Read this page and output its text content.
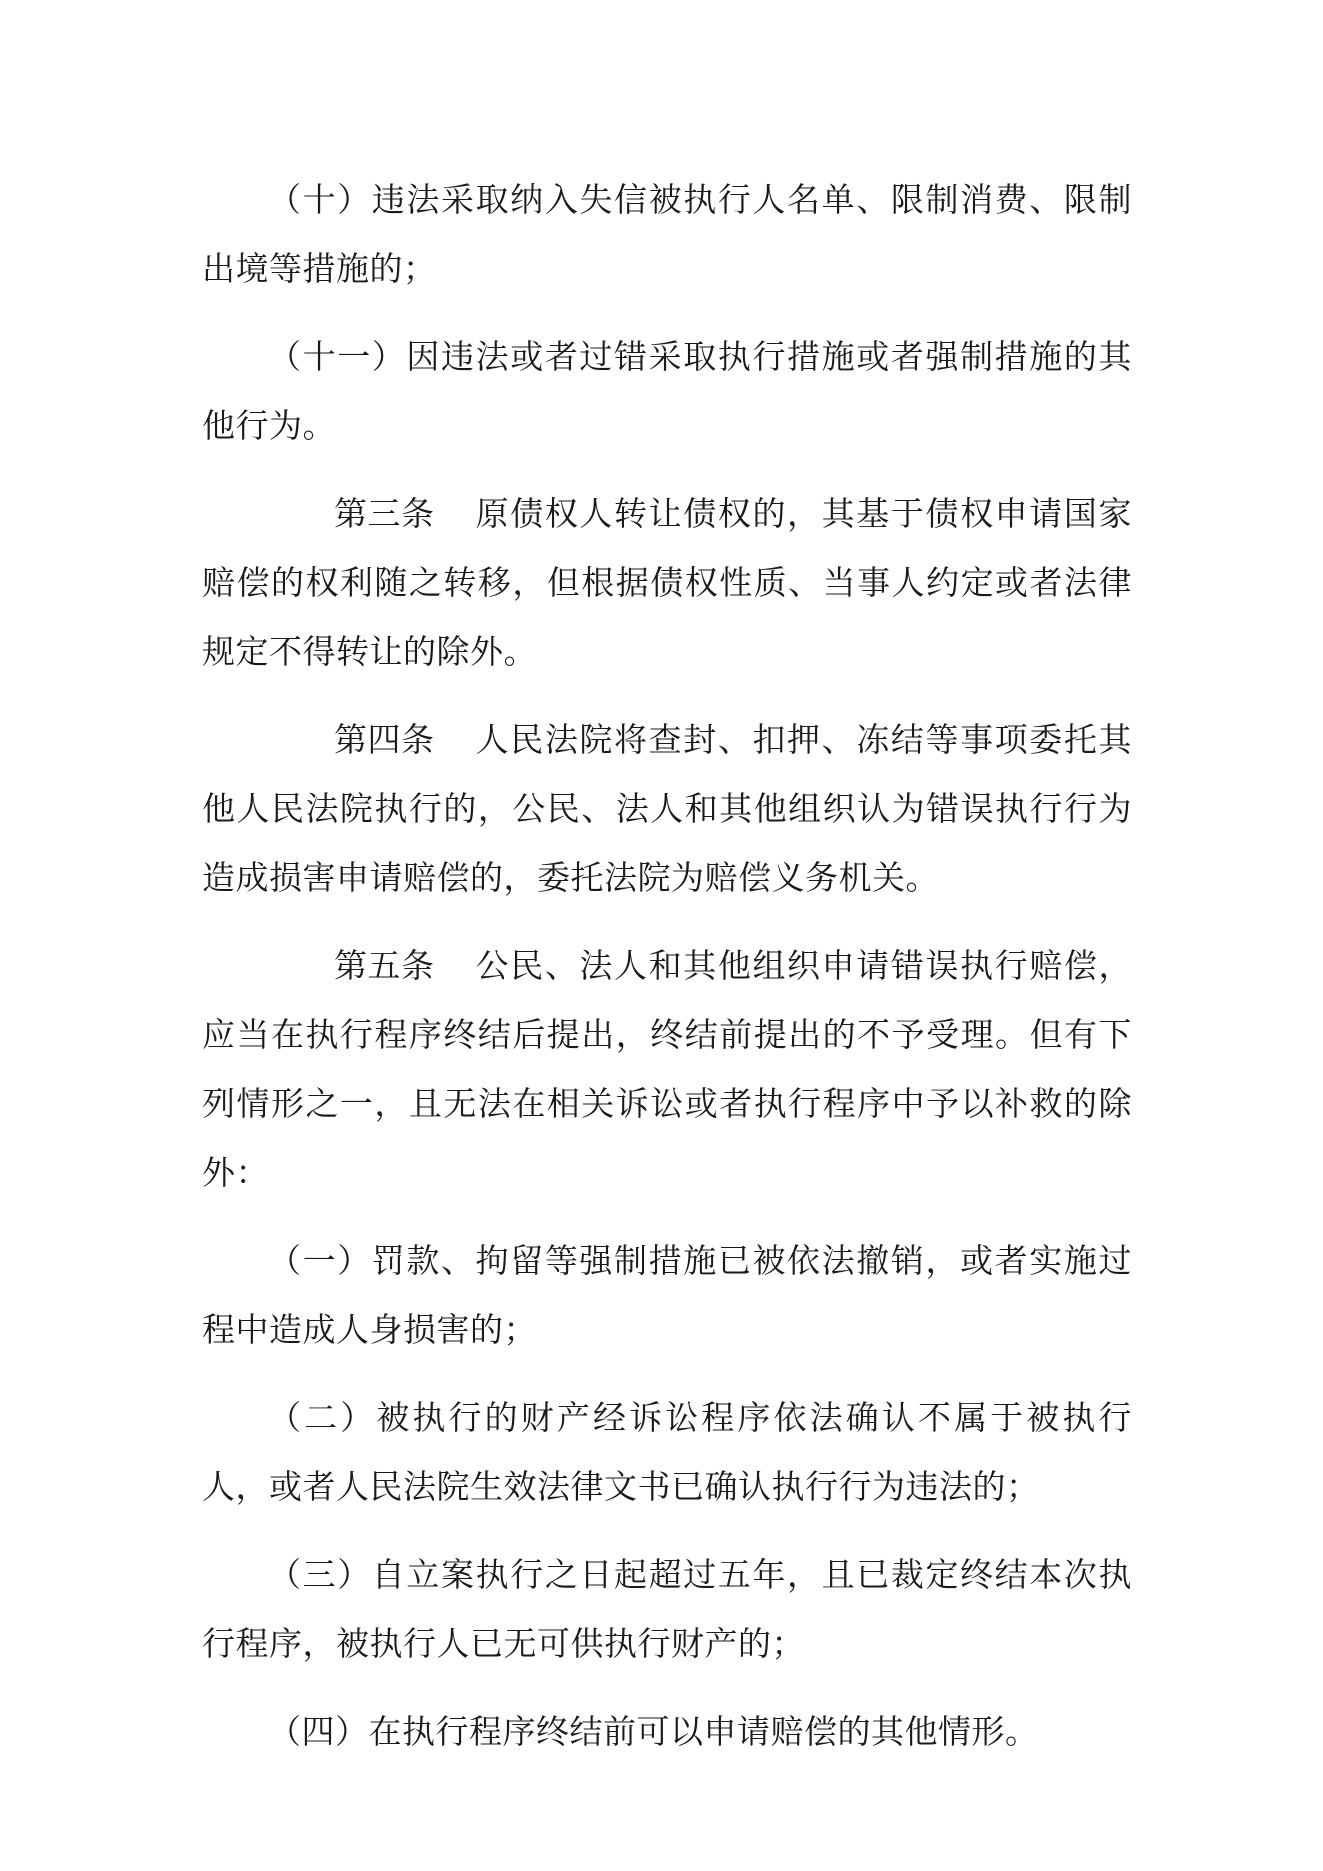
（十）违法采取纳入失信被执行人名单、限制消费、限制出境等措施的；

（十一）因违法或者过错采取执行措施或者强制措施的其他行为。

第三条 原债权人转让债权的，其基于债权申请国家赔偿的权利随之转移，但根据债权性质、当事人约定或者法律规定不得转让的除外。

第四条 人民法院将查封、扣押、冻结等事项委托其他人民法院执行的，公民、法人和其他组织认为错误执行行为造成损害申请赔偿的，委托法院为赔偿义务机关。

第五条 公民、法人和其他组织申请错误执行赔偿，应当在执行程序终结后提出，终结前提出的不予受理。但有下列情形之一，且无法在相关诉讼或者执行程序中予以补救的除外：

（一）罚款、拘留等强制措施已被依法撤销，或者实施过程中造成人身损害的；

（二）被执行的财产经诉讼程序依法确认不属于被执行人，或者人民法院生效法律文书已确认执行行为违法的；

（三）自立案执行之日起超过五年，且已裁定终结本次执行程序，被执行人已无可供执行财产的；

（四）在执行程序终结前可以申请赔偿的其他情形。
